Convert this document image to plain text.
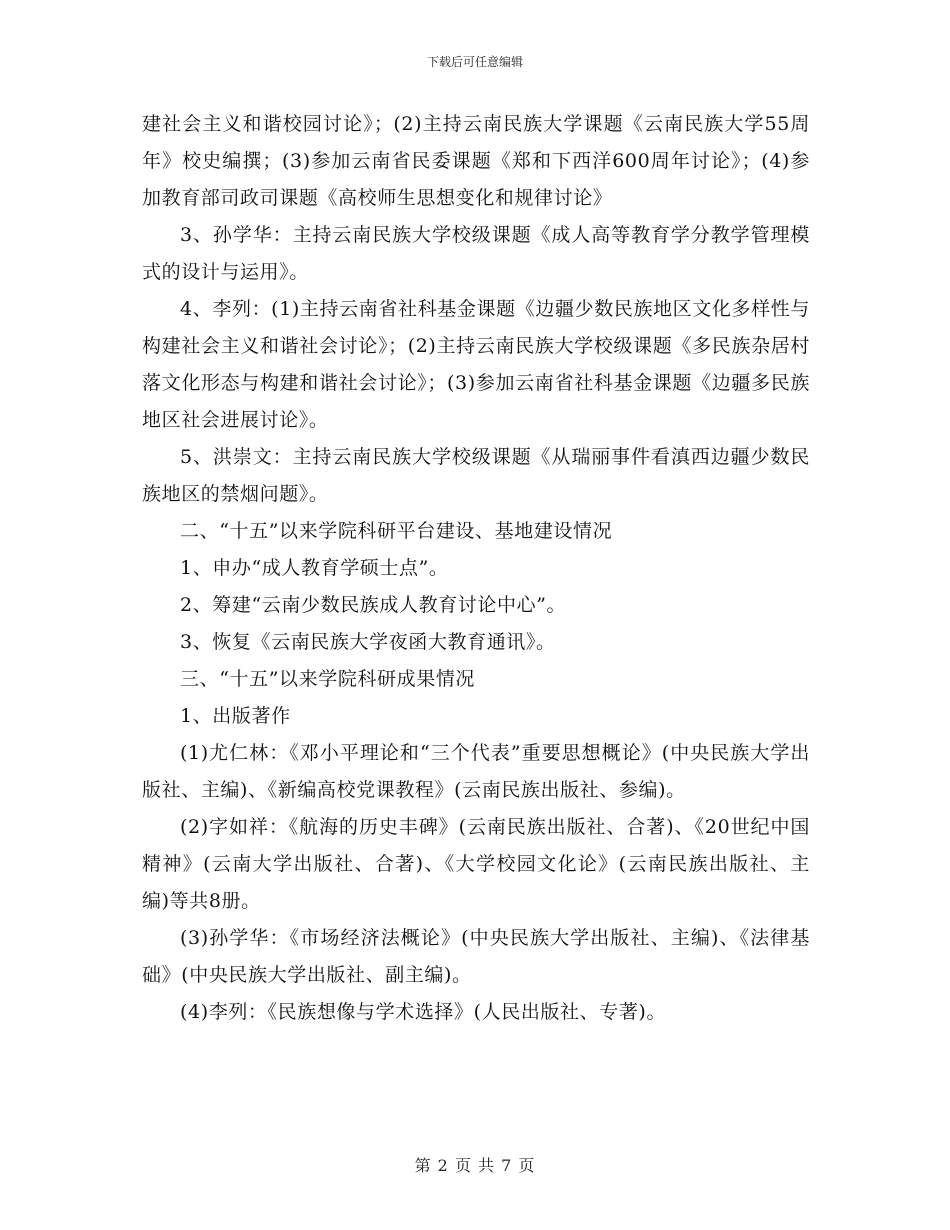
下载后可任意编辑

建社会主义和谐校园讨论》；(2)主持云南民族大学课题《云南民族大学55周年》校史编撰；(3)参加云南省民委课题《郑和下西洋600周年讨论》；(4)参加教育部司政司课题《高校师生思想变化和规律讨论》

3、孙学华：主持云南民族大学校级课题《成人高等教育学分教学管理模式的设计与运用》。

4、李列：(1)主持云南省社科基金课题《边疆少数民族地区文化多样性与构建社会主义和谐社会讨论》；(2)主持云南民族大学校级课题《多民族杂居村落文化形态与构建和谐社会讨论》；(3)参加云南省社科基金课题《边疆多民族地区社会进展讨论》。

5、洪崇文：主持云南民族大学校级课题《从瑞丽事件看滇西边疆少数民族地区的禁烟问题》。

二、“十五”以来学院科研平台建设、基地建设情况

1、申办“成人教育学硕士点”。

2、筹建“云南少数民族成人教育讨论中心”。

3、恢复《云南民族大学夜函大教育通讯》。

三、“十五”以来学院科研成果情况

1、出版著作

(1)尤仁林：《邓小平理论和“三个代表”重要思想概论》(中央民族大学出版社、主编)、《新编高校党课教程》(云南民族出版社、参编)。

(2)字如祥：《航海的历史丰碑》(云南民族出版社、合著)、《20世纪中国精神》(云南大学出版社、合著)、《大学校园文化论》(云南民族出版社、主编)等共8册。

(3)孙学华：《市场经济法概论》(中央民族大学出版社、主编)、《法律基础》(中央民族大学出版社、副主编)。

(4)李列：《民族想像与学术选择》(人民出版社、专著)。

第 2 页 共 7 页
